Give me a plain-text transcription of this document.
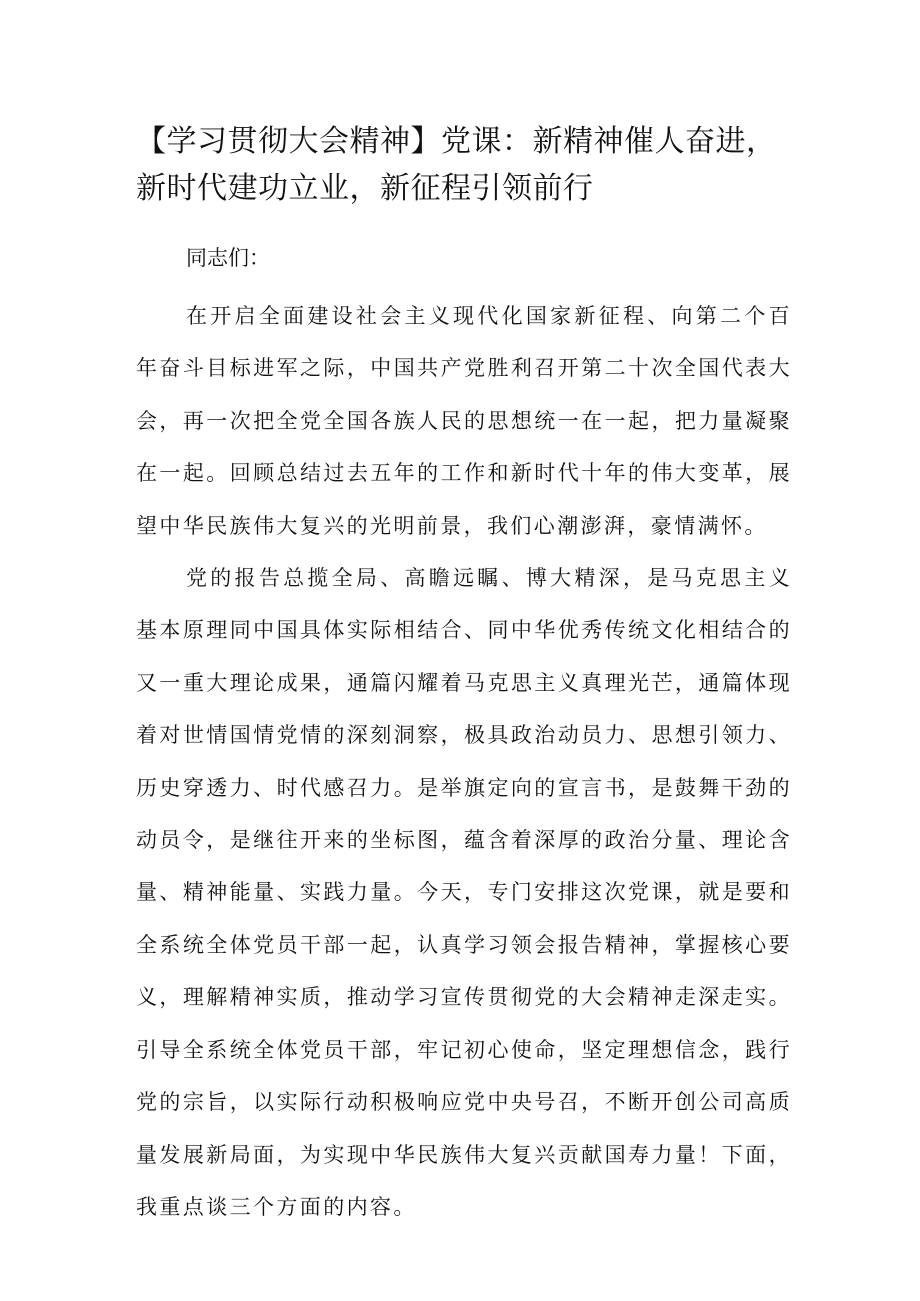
【学习贯彻大会精神】党课：新精神催人奋进，新时代建功立业，新征程引领前行

同志们：

在开启全面建设社会主义现代化国家新征程、向第二个百年奋斗目标进军之际，中国共产党胜利召开第二十次全国代表大会，再一次把全党全国各族人民的思想统一在一起，把力量凝聚在一起。回顾总结过去五年的工作和新时代十年的伟大变革，展望中华民族伟大复兴的光明前景，我们心潮澎湃，豪情满怀。

党的报告总揽全局、高瞻远瞩、博大精深，是马克思主义基本原理同中国具体实际相结合、同中华优秀传统文化相结合的又一重大理论成果，通篇闪耀着马克思主义真理光芒，通篇体现着对世情国情党情的深刻洞察，极具政治动员力、思想引领力、历史穿透力、时代感召力。是举旗定向的宣言书，是鼓舞干劲的动员令，是继往开来的坐标图，蕴含着深厚的政治分量、理论含量、精神能量、实践力量。今天，专门安排这次党课，就是要和全系统全体党员干部一起，认真学习领会报告精神，掌握核心要义，理解精神实质，推动学习宣传贯彻党的大会精神走深走实。引导全系统全体党员干部，牢记初心使命，坚定理想信念，践行党的宗旨，以实际行动积极响应党中央号召，不断开创公司高质量发展新局面，为实现中华民族伟大复兴贡献国寿力量！下面，我重点谈三个方面的内容。
